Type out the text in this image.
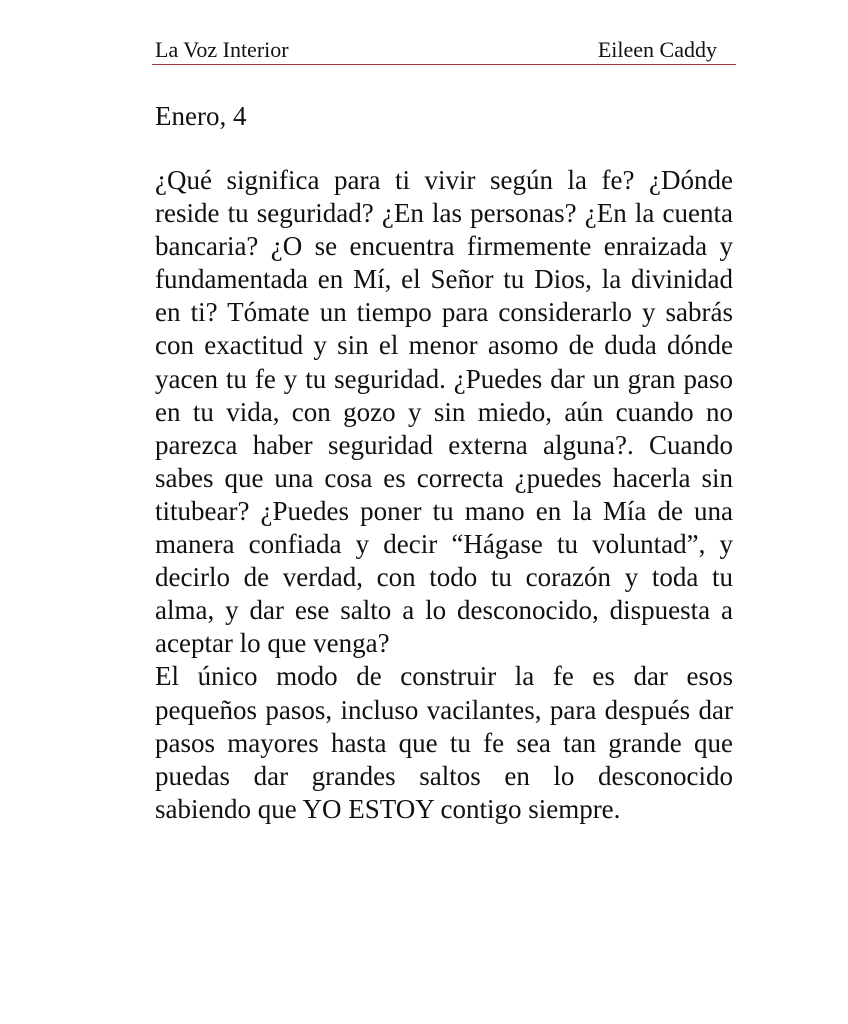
La Voz Interior	Eileen Caddy
Enero, 4

¿Qué significa para ti vivir según la fe? ¿Dónde reside tu seguridad? ¿En las personas? ¿En la cuenta bancaria? ¿O se encuentra firmemente enraizada y fundamentada en Mí, el Señor tu Dios, la divinidad en ti? Tómate un tiempo para considerarlo y sabrás con exactitud y sin el menor asomo de duda dónde yacen tu fe y tu seguridad. ¿Puedes dar un gran paso en tu vida, con gozo y sin miedo, aún cuando no parezca haber seguridad externa alguna?. Cuando sabes que una cosa es correcta ¿puedes hacerla sin titubear? ¿Puedes poner tu mano en la Mía de una manera confiada y decir “Hágase tu voluntad”, y decirlo de verdad, con todo tu corazón y toda tu alma, y dar ese salto a lo desconocido, dispuesta a aceptar lo que venga?

El único modo de construir la fe es dar esos pequeños pasos, incluso vacilantes, para después dar pasos mayores hasta que tu fe sea tan grande que puedas dar grandes saltos en lo desconocido sabiendo que YO ESTOY contigo siempre.
